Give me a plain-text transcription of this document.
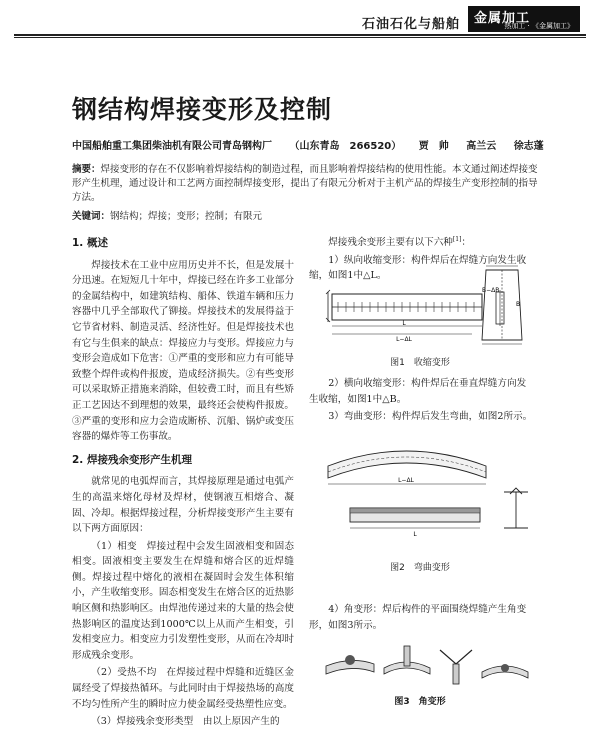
石油石化与船舶 金属加工
热加工 · 《金属加工》
钢结构焊接变形及控制
中国船舶重工集团柴油机有限公司青岛钢构厂 （山东青岛　266520） 贾　帅 高兰云 徐志蓬
摘要：焊接变形的存在不仅影响着焊接结构的制造过程，而且影响着焊接结构的使用性能。本文通过阐述焊接变形产生机理，通过设计和工艺两方面控制焊接变形，提出了有限元分析对于主机产品的焊接生产变形控制的指导方法。
关键词：钢结构；焊接；变形；控制；有限元
1. 概述
焊接技术在工业中应用历史并不长，但是发展十分迅速。在短短几十年中，焊接已经在许多工业部分的金属结构中，如建筑结构、船体、铁道车辆和压力容器中几乎全部取代了铆接。焊接技术的发展得益于它节省材料、制造灵活、经济性好。但是焊接技术也有它与生俱来的缺点：焊接应力与变形。焊接应力与变形会造成如下危害：①严重的变形和应力有可能导致整个焊件或构件报废，造成经济损失。②有些变形可以采取矫正措施来消除，但较费工时，而且有些矫正工艺因达不到理想的效果，最终还会使构件报废。③严重的变形和应力会造成断桥、沉船、锅炉或变压容器的爆炸等工伤事故。
2. 焊接残余变形产生机理
就常见的电弧焊而言，其焊接原理是通过电弧产生的高温来熔化母材及焊材，使钢液互相熔合、凝固、冷却。根据焊接过程，分析焊接变形产生主要有以下两方面原因：
（1）相变　焊接过程中会发生固液相变和固态相变。固液相变主要发生在焊缝和熔合区的近焊缝侧。焊接过程中熔化的液相在凝固时会发生体积缩小，产生收缩变形。固态相变发生在熔合区的近热影响区侧和热影响区。由焊池传递过来的大量的热会使热影响区的温度达到1000℃以上从而产生相变，引发相变应力。相变应力引发塑性变形，从而在冷却时形成残余变形。
（2）受热不均　在焊接过程中焊缝和近缝区金属经受了焊接热循环。与此同时由于焊接热场的高度不均匀性所产生的瞬时应力使金属经受热塑性应变。
（3）焊接残余变形类型　由以上原因产生的
焊接残余变形主要有以下六种[1]：
1）纵向收缩变形：构件焊后在焊缝方向发生收缩，如图1中△L。
L
L−ΔL
B
B−ΔB
图1　收缩变形
2）横向收缩变形：构件焊后在垂直焊缝方向发生收缩，如图1中△B。
3）弯曲变形：构件焊后发生弯曲，如图2所示。
L−ΔL
L
图2　弯曲变形
4）角变形：焊后构件的平面围绕焊缝产生角变形，如图3所示。
图3　角变形
